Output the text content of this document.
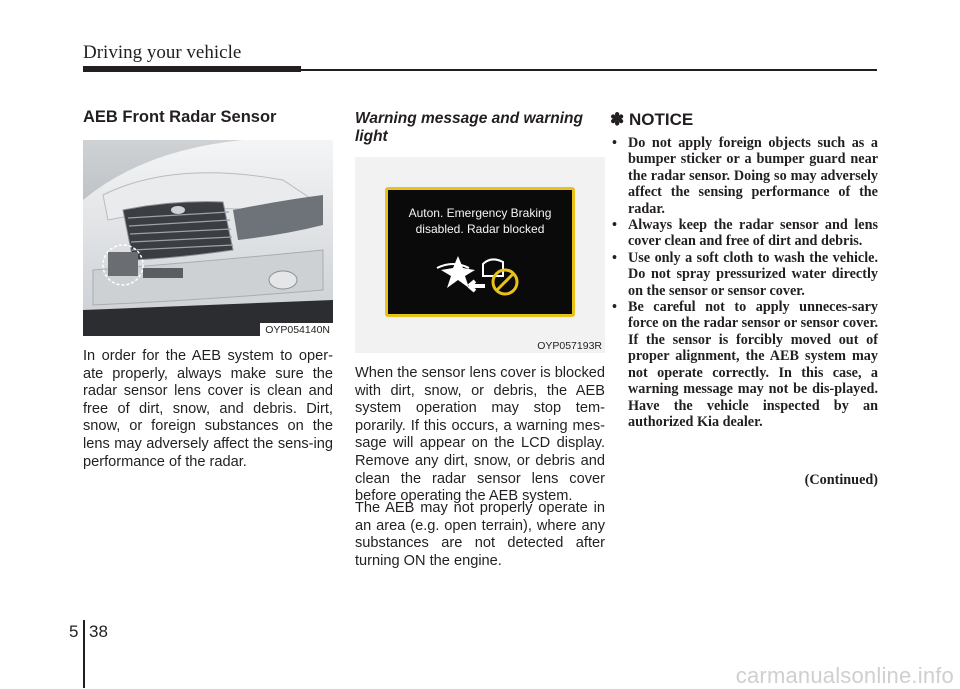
Driving your vehicle
AEB Front Radar Sensor
OYP054140N

In order for the AEB system to oper-ate properly, always make sure the radar sensor lens cover is clean and free of dirt, snow, and debris. Dirt, snow, or foreign substances on the lens may adversely affect the sens-ing performance of the radar.

Warning message and warning light

Auton. Emergency Braking
disabled. Radar blocked
OYP057193R

When the sensor lens cover is blocked with dirt, snow, or debris, the AEB system operation may stop tem-porarily. If this occurs, a warning mes-sage will appear on the LCD display. Remove any dirt, snow, or debris and clean the radar sensor lens cover before operating the AEB system.

The AEB may not properly operate in an area (e.g. open terrain), where any substances are not detected after turning ON the engine.

✽ NOTICE
• Do not apply foreign objects such as a bumper sticker or a bumper guard near the radar sensor. Doing so may adversely affect the sensing performance of the radar.
• Always keep the radar sensor and lens cover clean and free of dirt and debris.
• Use only a soft cloth to wash the vehicle. Do not spray pressurized water directly on the sensor or sensor cover.
• Be careful not to apply unneces-sary force on the radar sensor or sensor cover. If the sensor is forcibly moved out of proper alignment, the AEB system may not operate correctly. In this case, a warning message may not be dis-played. Have the vehicle inspected by an authorized Kia dealer.
(Continued)
5 38
carmanualsonline.info
